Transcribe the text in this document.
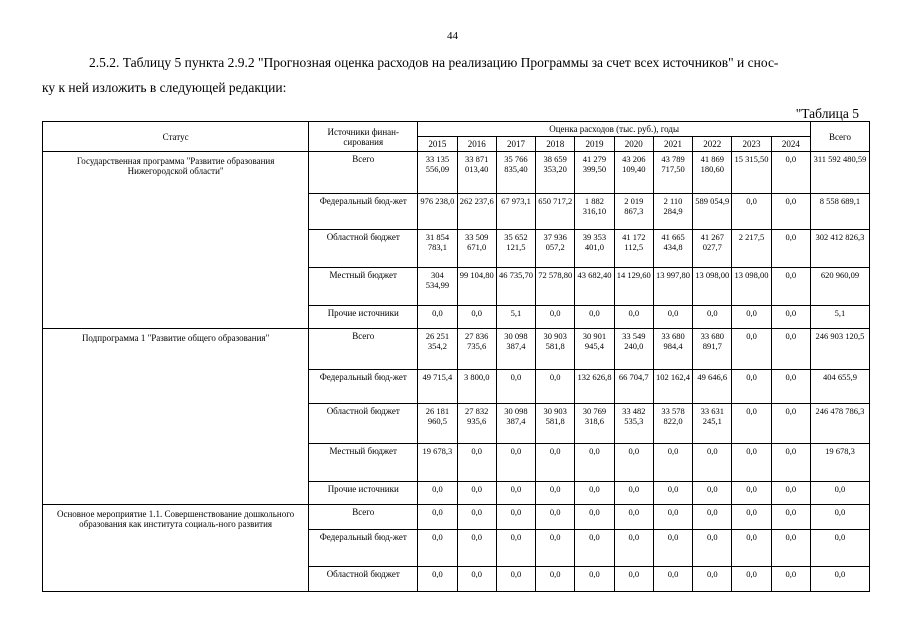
44
2.5.2. Таблицу 5 пункта 2.9.2 "Прогнозная оценка расходов на реализацию Программы за счет всех источников" и снос-
ку к ней изложить в следующей редакции:
"Таблица 5
Статус	Источники финан-сирования	Оценка расходов (тыс. руб.), годы										Всего
		2015	2016	2017	2018	2019	2020	2021	2022	2023	2024	
Государственная программа "Развитие образования Нижегородской области"	Всего	33 135 556,09	33 871 013,40	35 766 835,40	38 659 353,20	41 279 399,50	43 206 109,40	43 789 717,50	41 869 180,60	15 315,50	0,0	311 592 480,59
	Федеральный бюд-жет	976 238,0	262 237,6	67 973,1	650 717,2	1 882 316,10	2 019 867,3	2 110 284,9	589 054,9	0,0	0,0	8 558 689,1
	Областной бюджет	31 854 783,1	33 509 671,0	35 652 121,5	37 936 057,2	39 353 401,0	41 172 112,5	41 665 434,8	41 267 027,7	2 217,5	0,0	302 412 826,3
	Местный бюджет	304 534,99	99 104,80	46 735,70	72 578,80	43 682,40	14 129,60	13 997,80	13 098,00	13 098,00	0,0	620 960,09
	Прочие источники	0,0	0,0	5,1	0,0	0,0	0,0	0,0	0,0	0,0	0,0	5,1
Подпрограмма 1 "Развитие общего образования"	Всего	26 251 354,2	27 836 735,6	30 098 387,4	30 903 581,8	30 901 945,4	33 549 240,0	33 680 984,4	33 680 891,7	0,0	0,0	246 903 120,5
	Федеральный бюд-жет	49 715,4	3 800,0	0,0	0,0	132 626,8	66 704,7	102 162,4	49 646,6	0,0	0,0	404 655,9
	Областной бюджет	26 181 960,5	27 832 935,6	30 098 387,4	30 903 581,8	30 769 318,6	33 482 535,3	33 578 822,0	33 631 245,1	0,0	0,0	246 478 786,3
	Местный бюджет	19 678,3	0,0	0,0	0,0	0,0	0,0	0,0	0,0	0,0	0,0	19 678,3
	Прочие источники	0,0	0,0	0,0	0,0	0,0	0,0	0,0	0,0	0,0	0,0	0,0
Основное мероприятие 1.1. Совершенствование дошкольного образования как института социаль-ного развития	Всего	0,0	0,0	0,0	0,0	0,0	0,0	0,0	0,0	0,0	0,0	0,0
	Федеральный бюд-жет	0,0	0,0	0,0	0,0	0,0	0,0	0,0	0,0	0,0	0,0	0,0
	Областной бюджет	0,0	0,0	0,0	0,0	0,0	0,0	0,0	0,0	0,0	0,0	0,0
